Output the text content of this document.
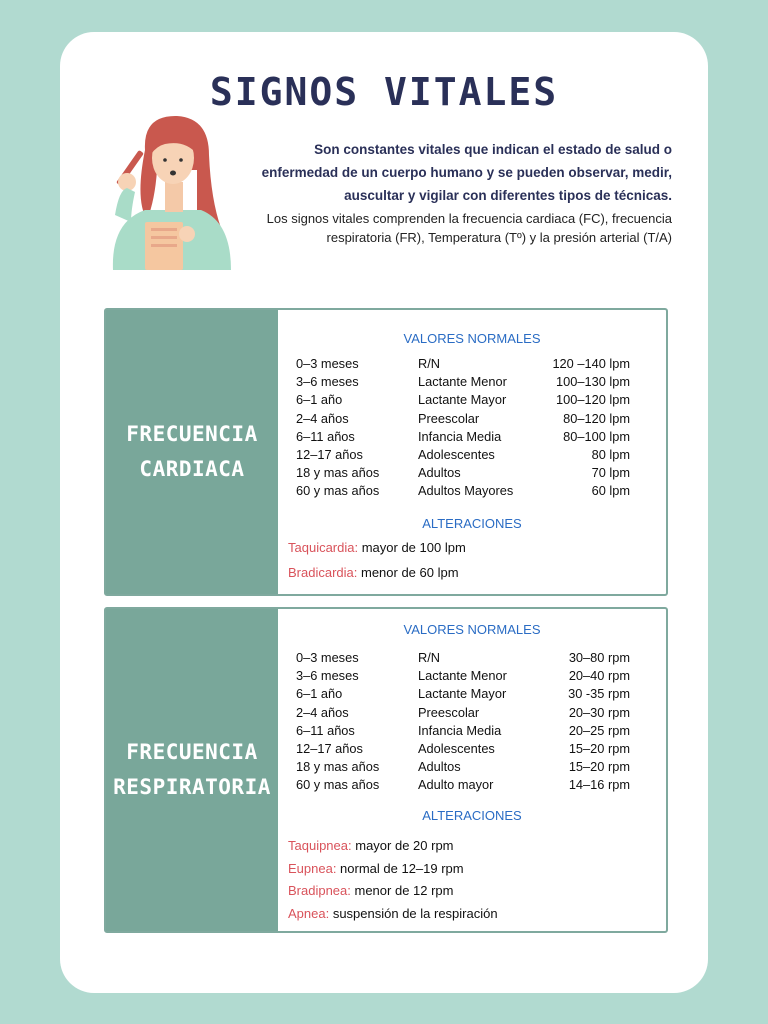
SIGNOS VITALES
Son constantes vitales que indican el estado de salud o enfermedad de un cuerpo humano y se pueden observar, medir, auscultar y vigilar con diferentes tipos de técnicas.
Los signos vitales comprenden la frecuencia cardiaca (FC), frecuencia respiratoria (FR), Temperatura (Tº) y la presión arterial (T/A)
FRECUENCIA
CARDIACA
VALORES NORMALES
0–3 meses	R/N	120 –140 lpm
3–6 meses	Lactante Menor	100–130 lpm
6–1 año	Lactante Mayor	100–120 lpm
2–4 años	Preescolar	80–120 lpm
6–11 años	Infancia Media	80–100 lpm
12–17 años	Adolescentes	80 lpm
18 y mas años	Adultos	70 lpm
60 y mas años	Adultos Mayores	60 lpm
ALTERACIONES
Taquicardia: mayor de 100 lpm
Bradicardia: menor de 60 lpm
FRECUENCIA
RESPIRATORIA
VALORES NORMALES
0–3 meses	R/N	30–80 rpm
3–6 meses	Lactante Menor	20–40 rpm
6–1 año	Lactante Mayor	30 -35 rpm
2–4 años	Preescolar	20–30 rpm
6–11 años	Infancia Media	20–25 rpm
12–17 años	Adolescentes	15–20 rpm
18 y mas años	Adultos	15–20 rpm
60 y mas años	Adulto mayor	14–16 rpm
ALTERACIONES
Taquipnea: mayor de 20 rpm
Eupnea: normal de 12–19 rpm
Bradipnea: menor de 12 rpm
Apnea: suspensión de la respiración
